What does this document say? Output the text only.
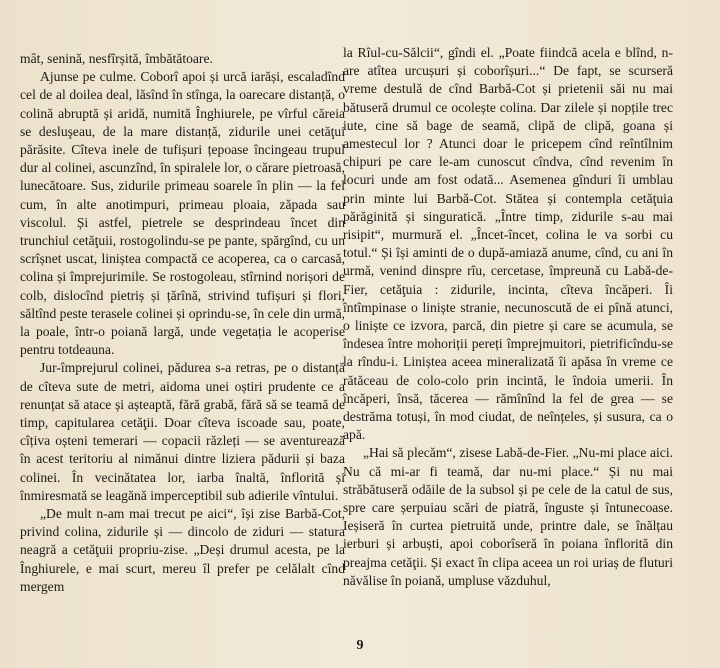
mât, senină, nesfîrșită, îmbătătoare.

Ajunse pe culme. Coborî apoi și urcă iarăși, escaladînd cel de al doilea deal, lăsînd în stînga, la oarecare distanță, o colină abruptă și aridă, numită Înghiurele, pe vîrful căreia se desluşeau, de la mare distanță, zidurile unei cetăţui părăsite. Cîteva inele de tufișuri țepoase încingeau trupul dur al colinei, ascunzînd, în spiralele lor, o cărare pietroasă, lunecătoare. Sus, zidurile primeau soarele în plin — la fel cum, în alte anotimpuri, primeau ploaia, zăpada sau viscolul. Și astfel, pietrele se desprindeau încet din trunchiul cetăţuii, rostogolindu-se pe pante, spărgînd, cu un scrîșnet uscat, liniștea compactă ce acoperea, ca o carcasă, colina și împrejurimile. Se rostogoleau, stîrnind norișori de colb, dislocînd pietriș și țărînă, strivind tufișuri și flori, săltînd peste terasele colinei și oprindu-se, în cele din urmă, la poale, într-o poiană largă, unde vegetația le acoperise pentru totdeauna.

Jur-împrejurul colinei, pădurea s-a retras, pe o distanță de cîteva sute de metri, aidoma unei oștiri prudente ce a renunțat să atace și așteaptă, fără grabă, fără să se teamă de timp, capitularea cetăţii. Doar cîteva iscoade sau, poate, cîțiva oșteni temerari — copacii răzleți — se aventurează în acest teritoriu al nimănui dintre liziera pădurii și baza colinei. În vecinătatea lor, iarba înaltă, înflorită și înmiresmată se leagănă imperceptibil sub adierile vîntului.

„De mult n-am mai trecut pe aici“, își zise Barbă-Cot, privind colina, zidurile și — dincolo de ziduri — statura neagră a cetăţuii propriu-zise. „Deși drumul acesta, pe la Înghiurele, e mai scurt, mereu îl prefer pe celălalt cînd mergem

la Rîul-cu-Sălcii“, gîndi el. „Poate fiindcă acela e blînd, n-are atîtea urcușuri și coborîșuri...“ De fapt, se scurseră vreme destulă de cînd Barbă-Cot și prietenii săi nu mai bătuseră drumul ce ocolește colina. Dar zilele și nopțile trec iute, cine să bage de seamă, clipă de clipă, goana și amestecul lor ? Atunci doar le pricepem cînd reîntîlnim chipuri pe care le-am cunoscut cîndva, cînd revenim în locuri unde am fost odată... Asemenea gînduri îi umblau prin minte lui Barbă-Cot. Stătea și contempla cetăţuia părăginită și singuratică. „Între timp, zidurile s-au mai risipit“, murmură el. „Încet-încet, colina le va sorbi cu totul.“ Și își aminti de o după-amiază anume, cînd, cu ani în urmă, venind dinspre rîu, cercetase, împreună cu Labă-de-Fier, cetăţuia : zidurile, incinta, cîteva încăperi. Îi întîmpinase o liniște stranie, necunoscută de ei pînă atunci, o liniște ce izvora, parcă, din pietre și care se acumula, se îndesea între mohoriții pereți împrejmuitori, pietrificîndu-se la rîndu-i. Liniștea aceea mineralizată îi apăsa în vreme ce rătăceau de colo-colo prin incintă, le îndoia umerii. În încăperi, însă, tăcerea — rămînînd la fel de grea — se destrăma totuși, în mod ciudat, de neînțeles, și susura, ca o apă.

„Hai să plecăm“, zisese Labă-de-Fier. „Nu-mi place aici. Nu că mi-ar fi teamă, dar nu-mi place.“ Și nu mai străbătuseră odăile de la subsol și pe cele de la catul de sus, spre care șerpuiau scări de piatră, înguste și întunecoase. Ieșiseră în curtea pietruită unde, printre dale, se înălțau ierburi și arbuști, apoi coborîseră în poiana înflorită din preajma cetăţii. Și exact în clipa aceea un roi uriaș de fluturi năvălise în poiană, umpluse văzduhul,

9
